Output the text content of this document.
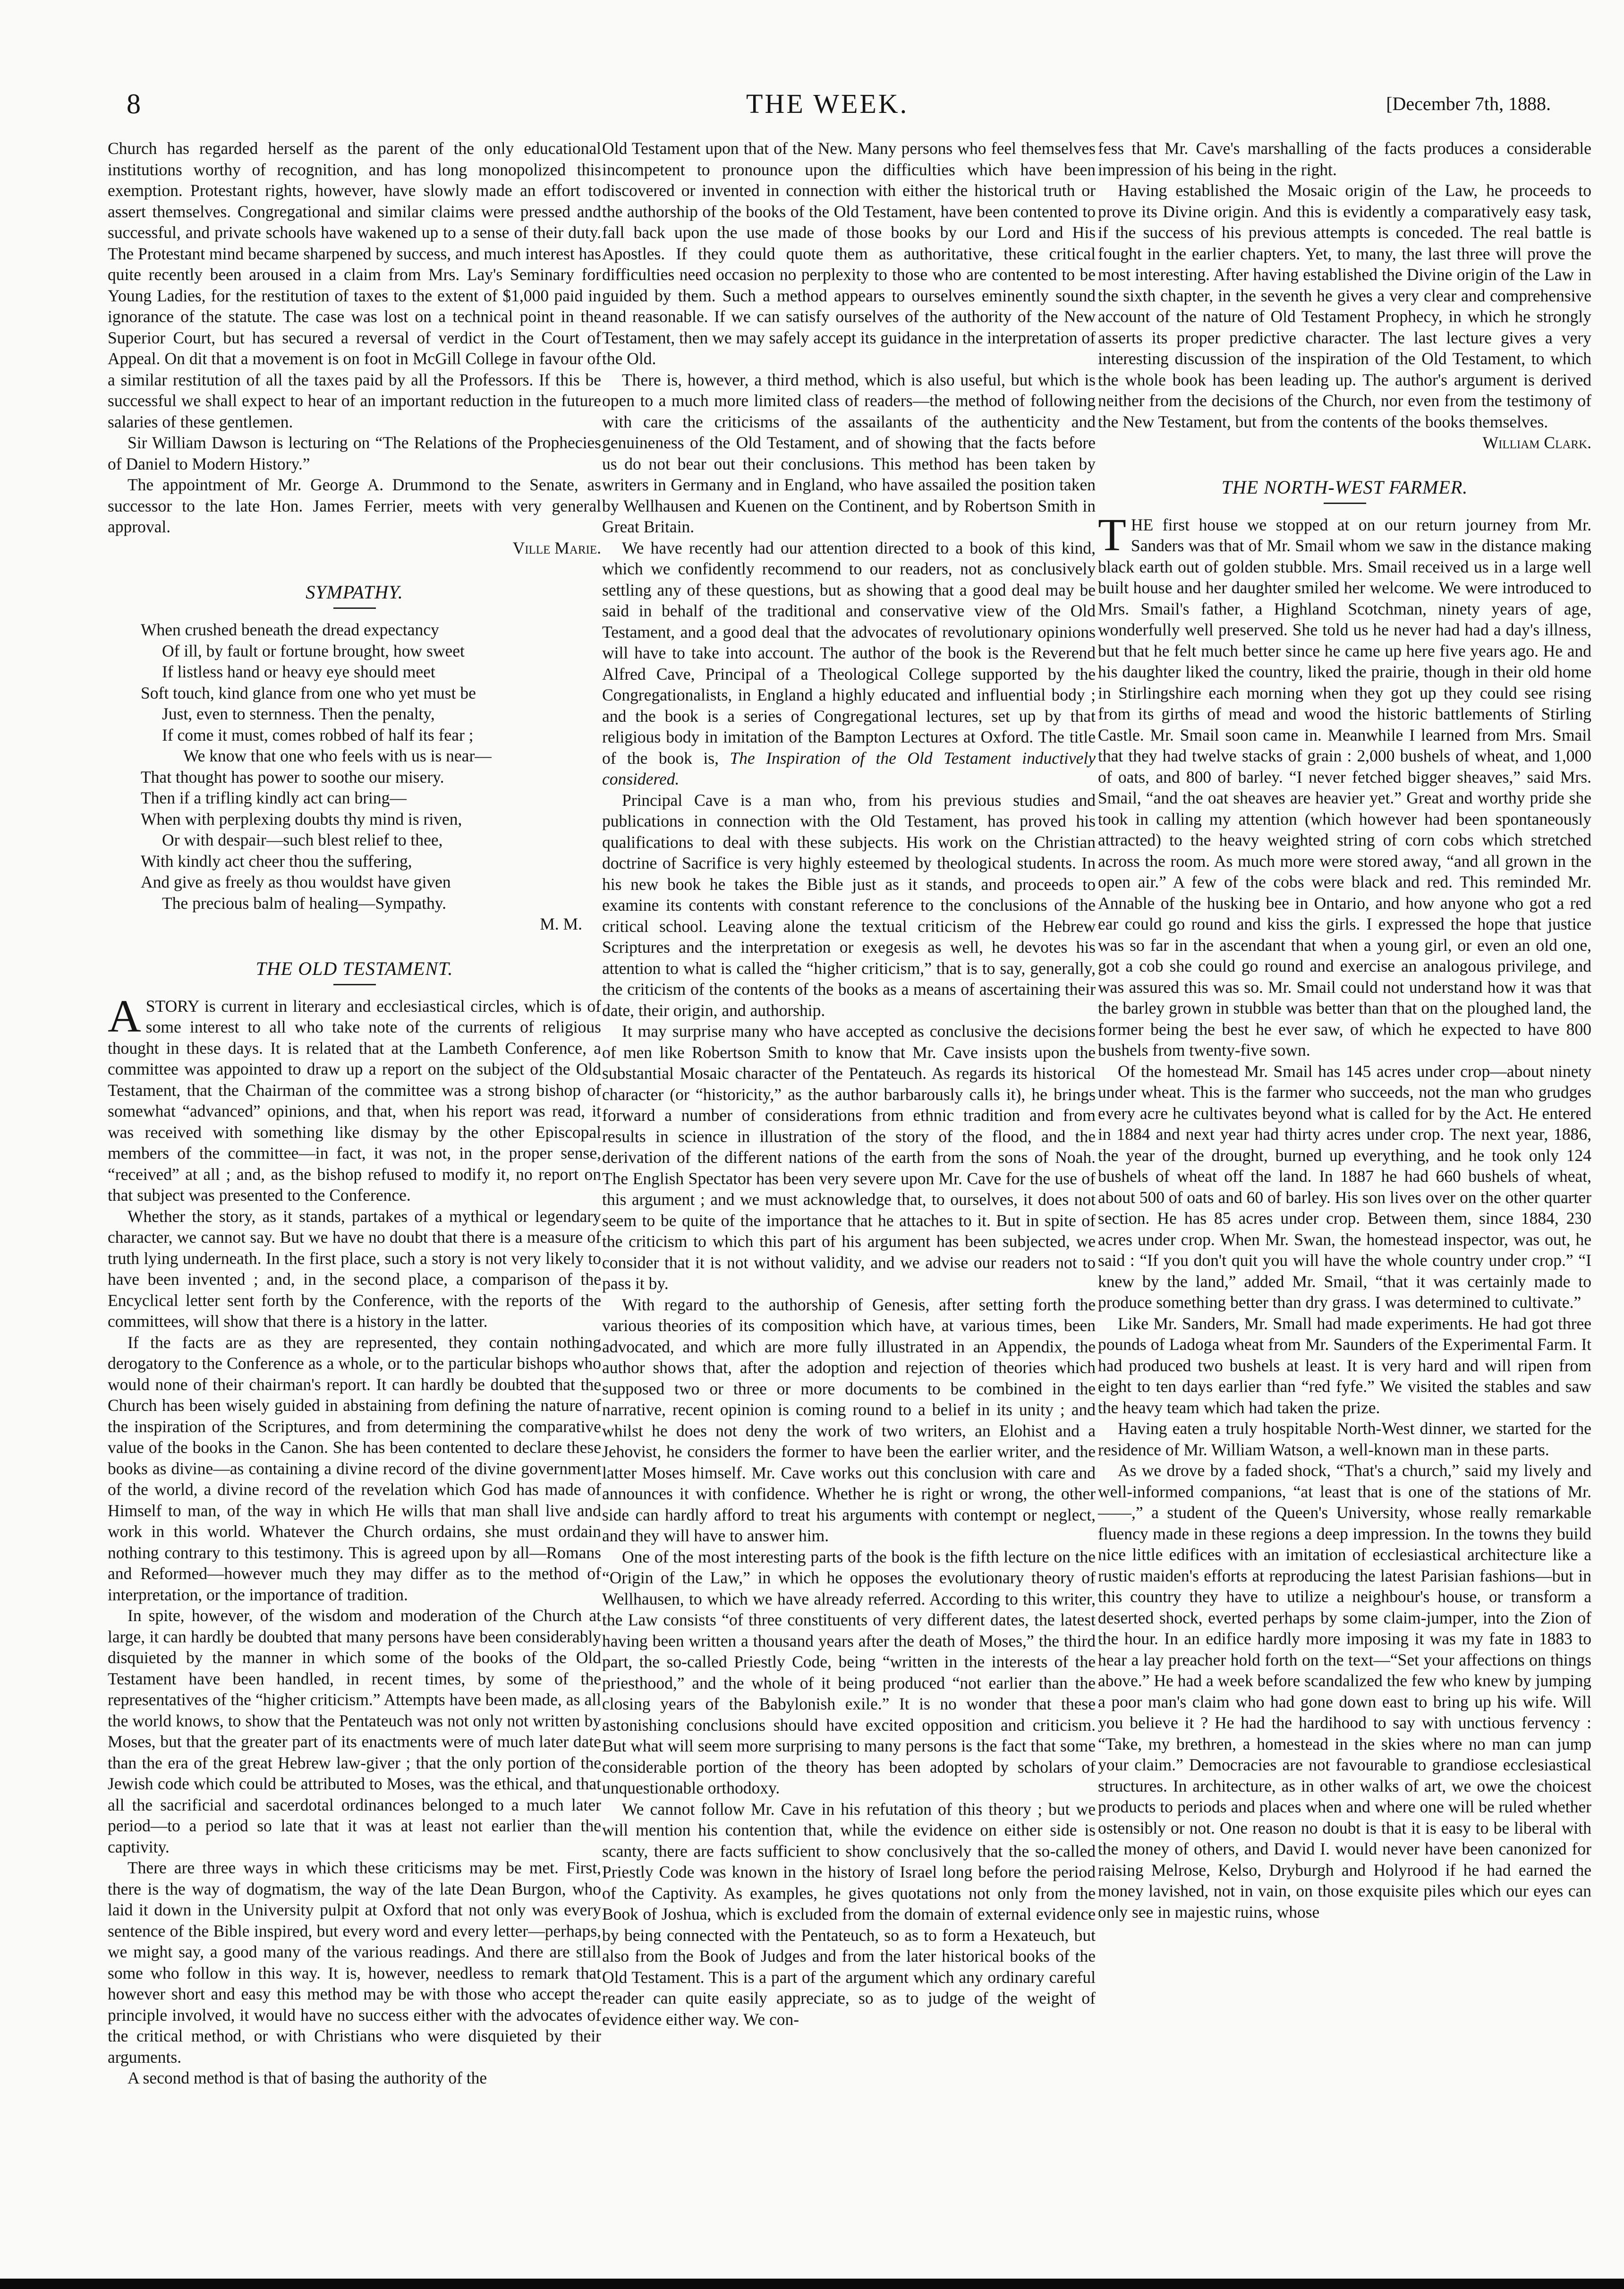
8	THE WEEK.	[December 7th, 1888.

Church has regarded herself as the parent of the only educational institutions worthy of recognition, and has long monopolized this exemption. Protestant rights, however, have slowly made an effort to assert themselves. Congregational and similar claims were pressed and successful, and private schools have wakened up to a sense of their duty. The Protestant mind became sharpened by success, and much interest has quite recently been aroused in a claim from Mrs. Lay's Seminary for Young Ladies, for the restitution of taxes to the extent of $1,000 paid in ignorance of the statute. The case was lost on a technical point in the Superior Court, but has secured a reversal of verdict in the Court of Appeal. On dit that a movement is on foot in McGill College in favour of a similar restitution of all the taxes paid by all the Professors. If this be successful we shall expect to hear of an important reduction in the future salaries of these gentlemen.

Sir William Dawson is lecturing on “The Relations of the Prophecies of Daniel to Modern History.”

The appointment of Mr. George A. Drummond to the Senate, as successor to the late Hon. James Ferrier, meets with very general approval.

Ville Marie.
SYMPATHY.
When crushed beneath the dread expectancy
Of ill, by fault or fortune brought, how sweet
If listless hand or heavy eye should meet
Soft touch, kind glance from one who yet must be
Just, even to sternness. Then the penalty,
If come it must, comes robbed of half its fear ;
We know that one who feels with us is near—
That thought has power to soothe our misery.
Then if a trifling kindly act can bring—
When with perplexing doubts thy mind is riven,
Or with despair—such blest relief to thee,
With kindly act cheer thou the suffering,
And give as freely as thou wouldst have given
The precious balm of healing—Sympathy.
M. M.
THE OLD TESTAMENT.

ASTORY is current in literary and ecclesiastical circles, which is of some interest to all who take note of the currents of religious thought in these days. It is related that at the Lambeth Conference, a committee was appointed to draw up a report on the subject of the Old Testament, that the Chairman of the committee was a strong bishop of somewhat “advanced” opinions, and that, when his report was read, it was received with something like dismay by the other Episcopal members of the committee—in fact, it was not, in the proper sense, “received” at all ; and, as the bishop refused to modify it, no report on that subject was presented to the Conference.

Whether the story, as it stands, partakes of a mythical or legendary character, we cannot say. But we have no doubt that there is a measure of truth lying underneath. In the first place, such a story is not very likely to have been invented ; and, in the second place, a comparison of the Encyclical letter sent forth by the Conference, with the reports of the committees, will show that there is a history in the latter.

If the facts are as they are represented, they contain nothing derogatory to the Conference as a whole, or to the particular bishops who would none of their chairman's report. It can hardly be doubted that the Church has been wisely guided in abstaining from defining the nature of the inspiration of the Scriptures, and from determining the comparative value of the books in the Canon. She has been contented to declare these books as divine—as containing a divine record of the divine government of the world, a divine record of the revelation which God has made of Himself to man, of the way in which He wills that man shall live and work in this world. Whatever the Church ordains, she must ordain nothing contrary to this testimony. This is agreed upon by all—Romans and Reformed—however much they may differ as to the method of interpretation, or the importance of tradition.

In spite, however, of the wisdom and moderation of the Church at large, it can hardly be doubted that many persons have been considerably disquieted by the manner in which some of the books of the Old Testament have been handled, in recent times, by some of the representatives of the “higher criticism.” Attempts have been made, as all the world knows, to show that the Pentateuch was not only not written by Moses, but that the greater part of its enactments were of much later date than the era of the great Hebrew law-giver ; that the only portion of the Jewish code which could be attributed to Moses, was the ethical, and that all the sacrificial and sacerdotal ordinances belonged to a much later period—to a period so late that it was at least not earlier than the captivity.

There are three ways in which these criticisms may be met. First, there is the way of dogmatism, the way of the late Dean Burgon, who laid it down in the University pulpit at Oxford that not only was every sentence of the Bible inspired, but every word and every letter—perhaps, we might say, a good many of the various readings. And there are still some who follow in this way. It is, however, needless to remark that however short and easy this method may be with those who accept the principle involved, it would have no success either with the advocates of the critical method, or with Christians who were disquieted by their arguments.

A second method is that of basing the authority of the

Old Testament upon that of the New. Many persons who feel themselves incompetent to pronounce upon the difficulties which have been discovered or invented in connection with either the historical truth or the authorship of the books of the Old Testament, have been contented to fall back upon the use made of those books by our Lord and His Apostles. If they could quote them as authoritative, these critical difficulties need occasion no perplexity to those who are contented to be guided by them. Such a method appears to ourselves eminently sound and reasonable. If we can satisfy ourselves of the authority of the New Testament, then we may safely accept its guidance in the interpretation of the Old.

There is, however, a third method, which is also useful, but which is open to a much more limited class of readers—the method of following with care the criticisms of the assailants of the authenticity and genuineness of the Old Testament, and of showing that the facts before us do not bear out their conclusions. This method has been taken by writers in Germany and in England, who have assailed the position taken by Wellhausen and Kuenen on the Continent, and by Robertson Smith in Great Britain.

We have recently had our attention directed to a book of this kind, which we confidently recommend to our readers, not as conclusively settling any of these questions, but as showing that a good deal may be said in behalf of the traditional and conservative view of the Old Testament, and a good deal that the advocates of revolutionary opinions will have to take into account. The author of the book is the Reverend Alfred Cave, Principal of a Theological College supported by the Congregationalists, in England a highly educated and influential body ; and the book is a series of Congregational lectures, set up by that religious body in imitation of the Bampton Lectures at Oxford. The title of the book is, The Inspiration of the Old Testament inductively considered.

Principal Cave is a man who, from his previous studies and publications in connection with the Old Testament, has proved his qualifications to deal with these subjects. His work on the Christian doctrine of Sacrifice is very highly esteemed by theological students. In his new book he takes the Bible just as it stands, and proceeds to examine its contents with constant reference to the conclusions of the critical school. Leaving alone the textual criticism of the Hebrew Scriptures and the interpretation or exegesis as well, he devotes his attention to what is called the “higher criticism,” that is to say, generally, the criticism of the contents of the books as a means of ascertaining their date, their origin, and authorship.

It may surprise many who have accepted as conclusive the decisions of men like Robertson Smith to know that Mr. Cave insists upon the substantial Mosaic character of the Pentateuch. As regards its historical character (or “historicity,” as the author barbarously calls it), he brings forward a number of considerations from ethnic tradition and from results in science in illustration of the story of the flood, and the derivation of the different nations of the earth from the sons of Noah. The English Spectator has been very severe upon Mr. Cave for the use of this argument ; and we must acknowledge that, to ourselves, it does not seem to be quite of the importance that he attaches to it. But in spite of the criticism to which this part of his argument has been subjected, we consider that it is not without validity, and we advise our readers not to pass it by.

With regard to the authorship of Genesis, after setting forth the various theories of its composition which have, at various times, been advocated, and which are more fully illustrated in an Appendix, the author shows that, after the adoption and rejection of theories which supposed two or three or more documents to be combined in the narrative, recent opinion is coming round to a belief in its unity ; and whilst he does not deny the work of two writers, an Elohist and a Jehovist, he considers the former to have been the earlier writer, and the latter Moses himself. Mr. Cave works out this conclusion with care and announces it with confidence. Whether he is right or wrong, the other side can hardly afford to treat his arguments with contempt or neglect, and they will have to answer him.

One of the most interesting parts of the book is the fifth lecture on the “Origin of the Law,” in which he opposes the evolutionary theory of Wellhausen, to which we have already referred. According to this writer, the Law consists “of three constituents of very different dates, the latest having been written a thousand years after the death of Moses,” the third part, the so-called Priestly Code, being “written in the interests of the priesthood,” and the whole of it being produced “not earlier than the closing years of the Babylonish exile.” It is no wonder that these astonishing conclusions should have excited opposition and criticism. But what will seem more surprising to many persons is the fact that some considerable portion of the theory has been adopted by scholars of unquestionable orthodoxy.

We cannot follow Mr. Cave in his refutation of this theory ; but we will mention his contention that, while the evidence on either side is scanty, there are facts sufficient to show conclusively that the so-called Priestly Code was known in the history of Israel long before the period of the Captivity. As examples, he gives quotations not only from the Book of Joshua, which is excluded from the domain of external evidence by being connected with the Pentateuch, so as to form a Hexateuch, but also from the Book of Judges and from the later historical books of the Old Testament. This is a part of the argument which any ordinary careful reader can quite easily appreciate, so as to judge of the weight of evidence either way. We con-

fess that Mr. Cave's marshalling of the facts produces a considerable impression of his being in the right.

Having established the Mosaic origin of the Law, he proceeds to prove its Divine origin. And this is evidently a comparatively easy task, if the success of his previous attempts is conceded. The real battle is fought in the earlier chapters. Yet, to many, the last three will prove the most interesting. After having established the Divine origin of the Law in the sixth chapter, in the seventh he gives a very clear and comprehensive account of the nature of Old Testament Prophecy, in which he strongly asserts its proper predictive character. The last lecture gives a very interesting discussion of the inspiration of the Old Testament, to which the whole book has been leading up. The author's argument is derived neither from the decisions of the Church, nor even from the testimony of the New Testament, but from the contents of the books themselves.

William Clark.
THE NORTH-WEST FARMER.

THE first house we stopped at on our return journey from Mr. Sanders was that of Mr. Smail whom we saw in the distance making black earth out of golden stubble. Mrs. Smail received us in a large well built house and her daughter smiled her welcome. We were introduced to Mrs. Smail's father, a Highland Scotchman, ninety years of age, wonderfully well preserved. She told us he never had had a day's illness, but that he felt much better since he came up here five years ago. He and his daughter liked the country, liked the prairie, though in their old home in Stirlingshire each morning when they got up they could see rising from its girths of mead and wood the historic battlements of Stirling Castle. Mr. Smail soon came in. Meanwhile I learned from Mrs. Smail that they had twelve stacks of grain : 2,000 bushels of wheat, and 1,000 of oats, and 800 of barley. “I never fetched bigger sheaves,” said Mrs. Smail, “and the oat sheaves are heavier yet.” Great and worthy pride she took in calling my attention (which however had been spontaneously attracted) to the heavy weighted string of corn cobs which stretched across the room. As much more were stored away, “and all grown in the open air.” A few of the cobs were black and red. This reminded Mr. Annable of the husking bee in Ontario, and how anyone who got a red ear could go round and kiss the girls. I expressed the hope that justice was so far in the ascendant that when a young girl, or even an old one, got a cob she could go round and exercise an analogous privilege, and was assured this was so. Mr. Smail could not understand how it was that the barley grown in stubble was better than that on the ploughed land, the former being the best he ever saw, of which he expected to have 800 bushels from twenty-five sown.

Of the homestead Mr. Smail has 145 acres under crop—about ninety under wheat. This is the farmer who succeeds, not the man who grudges every acre he cultivates beyond what is called for by the Act. He entered in 1884 and next year had thirty acres under crop. The next year, 1886, the year of the drought, burned up everything, and he took only 124 bushels of wheat off the land. In 1887 he had 660 bushels of wheat, about 500 of oats and 60 of barley. His son lives over on the other quarter section. He has 85 acres under crop. Between them, since 1884, 230 acres under crop. When Mr. Swan, the homestead inspector, was out, he said : “If you don't quit you will have the whole country under crop.” “I knew by the land,” added Mr. Smail, “that it was certainly made to produce something better than dry grass. I was determined to cultivate.”

Like Mr. Sanders, Mr. Small had made experiments. He had got three pounds of Ladoga wheat from Mr. Saunders of the Experimental Farm. It had produced two bushels at least. It is very hard and will ripen from eight to ten days earlier than “red fyfe.” We visited the stables and saw the heavy team which had taken the prize.

Having eaten a truly hospitable North-West dinner, we started for the residence of Mr. William Watson, a well-known man in these parts.

As we drove by a faded shock, “That's a church,” said my lively and well-informed companions, “at least that is one of the stations of Mr.——,” a student of the Queen's University, whose really remarkable fluency made in these regions a deep impression. In the towns they build nice little edifices with an imitation of ecclesiastical architecture like a rustic maiden's efforts at reproducing the latest Parisian fashions—but in this country they have to utilize a neighbour's house, or transform a deserted shock, everted perhaps by some claim-jumper, into the Zion of the hour. In an edifice hardly more imposing it was my fate in 1883 to hear a lay preacher hold forth on the text—“Set your affections on things above.” He had a week before scandalized the few who knew by jumping a poor man's claim who had gone down east to bring up his wife. Will you believe it ? He had the hardihood to say with unctious fervency : “Take, my brethren, a homestead in the skies where no man can jump your claim.” Democracies are not favourable to grandiose ecclesiastical structures. In architecture, as in other walks of art, we owe the choicest products to periods and places when and where one will be ruled whether ostensibly or not. One reason no doubt is that it is easy to be liberal with the money of others, and David I. would never have been canonized for raising Melrose, Kelso, Dryburgh and Holyrood if he had earned the money lavished, not in vain, on those exquisite piles which our eyes can only see in majestic ruins, whose
